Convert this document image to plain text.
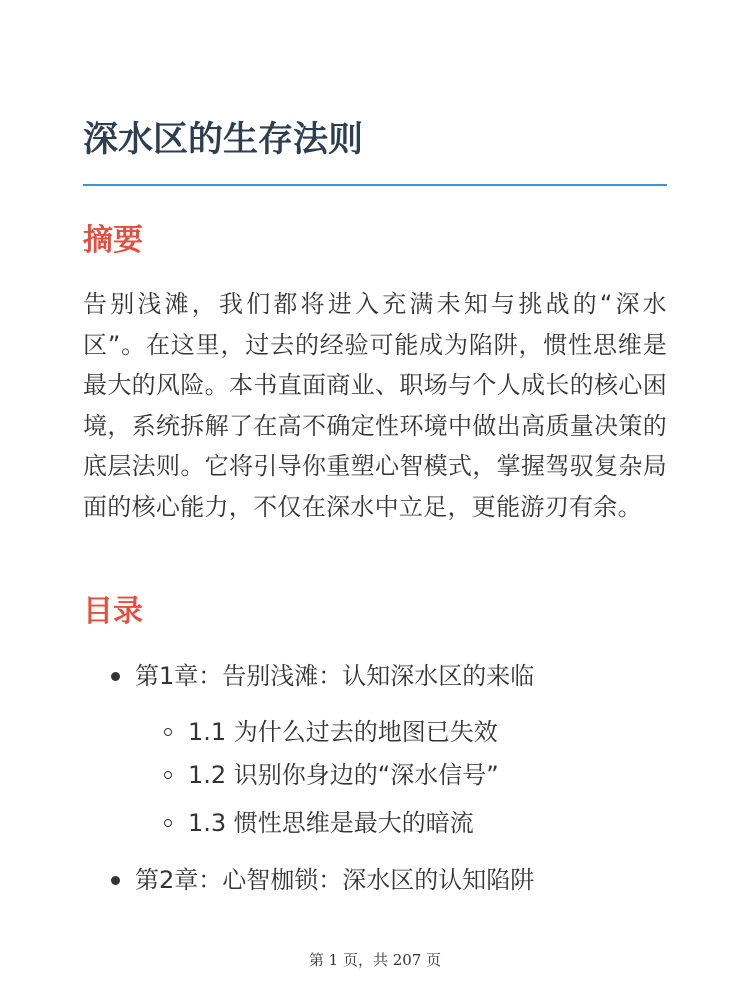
深水区的生存法则
摘要
告别浅滩，我们都将进入充满未知与挑战的“深水区”。在这里，过去的经验可能成为陷阱，惯性思维是最大的风险。本书直面商业、职场与个人成长的核心困境，系统拆解了在高不确定性环境中做出高质量决策的底层法则。它将引导你重塑心智模式，掌握驾驭复杂局面的核心能力，不仅在深水中立足，更能游刃有余。
目录
第1章：告别浅滩：认知深水区的来临
1.1 为什么过去的地图已失效
1.2 识别你身边的“深水信号”
1.3 惯性思维是最大的暗流
第2章：心智枷锁：深水区的认知陷阱
第 1 页，共 207 页
